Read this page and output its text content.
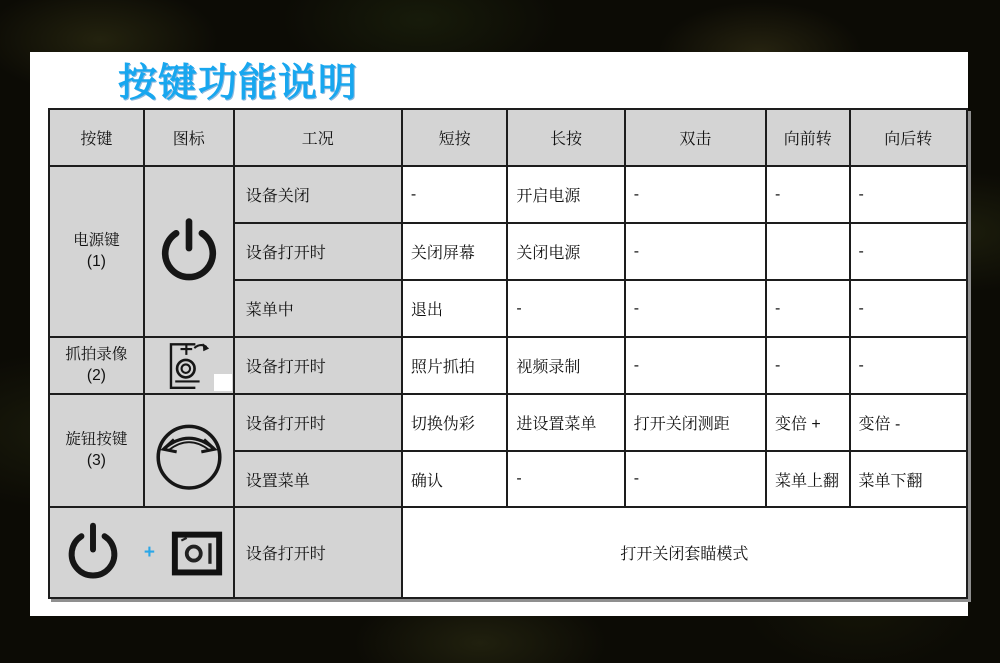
按键功能说明
按键	图标	工况	短按	长按	双击	向前转	向后转

电源键
(1)		设备关闭	-	开启电源	-	-	-
		设备打开时	关闭屏幕	关闭电源	-		-
		菜单中	退出	-	-	-	-

抓拍录像
(2)		设备打开时	照片抓拍	视频录制	-	-	-

旋钮按键
(3)		设备打开时	切换伪彩	进设置菜单	打开关闭测距	变倍 +	变倍 -
		设置菜单	确认	-	-	菜单上翻	菜单下翻

+		设备打开时	打开关闭套瞄模式				
